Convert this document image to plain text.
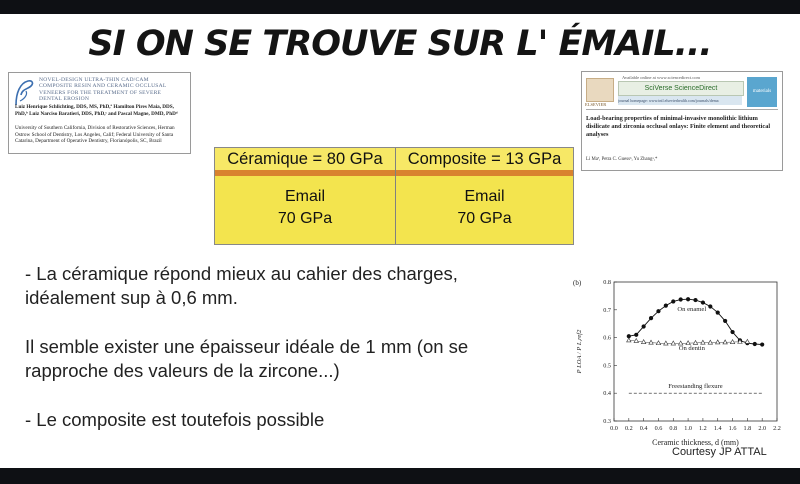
SI ON SE TROUVE SUR L' ÉMAIL...
NOVEL-DESIGN ULTRA-THIN CAD/CAM
COMPOSITE RESIN AND CERAMIC OCCLUSAL
VENEERS FOR THE TREATMENT OF SEVERE
DENTAL EROSION
Luiz Henrique Schlichting, DDS, MS, PhD,ª Hamilton Pires Maia, DDS, PhD,ᵇ Luiz Narciso Baratieri, DDS, PhD,ᶜ and Pascal Magne, DMD, PhDᵈ
University of Southern California, Division of Restorative Sciences, Herman Ostrow School of Dentistry, Los Angeles, Calif; Federal University of Santa Catarina, Department of Operative Dentistry, Florianópolis, SC, Brazil
ELSEVIER
Available online at www.sciencedirect.com
SciVerse ScienceDirect
journal homepage: www.intl.elsevierhealth.com/journals/dema
materials
Load-bearing properties of minimal-invasive monolithic lithium disilicate and zirconia occlusal onlays: Finite element and theoretical analyses
Li Maª, Petra C. Guessᵇ, Yu Zhangᵃ,*
Céramique = 80 GPa	Composite = 13 GPa
Email
70 GPa
Email
70 GPa
- La céramique répond mieux au cahier des charges,
idéalement sup à 0,6 mm.
Il semble exister une épaisseur idéale de 1 mm (on se
rapproche des valeurs de la zircone...)
- Le composite est toutefois possible
(b)
0.0 0.2 0.4 0.6 0.8 1.0 1.2 1.4 1.6 1.8 2.0 2.2
0.3
0.4
0.5
0.6
0.7
0.8
Ceramic thickness, d (mm)
P LOA / P L,ref2
On enamel
On dentin
Freestanding flexure
Courtesy JP ATTAL
